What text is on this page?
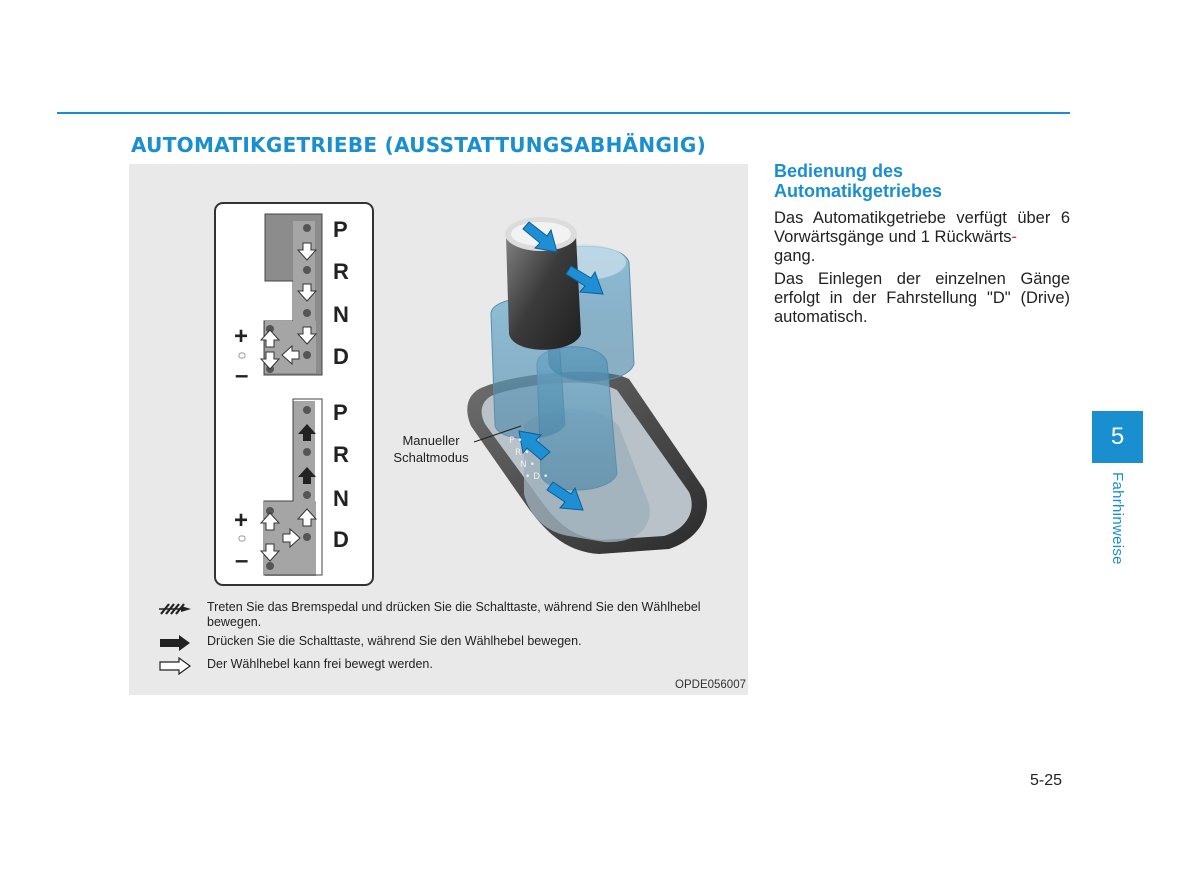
AUTOMATIKGETRIEBE (AUSSTATTUNGSABHÄNGIG)
P •
R •
N •
• D •
P
R
N
D
+
–
P
R
N
D
+
–
Manueller Schaltmodus
Treten Sie das Bremspedal und drücken Sie die Schalttaste, während Sie den Wählhebel bewegen.
Drücken Sie die Schalttaste, während Sie den Wählhebel bewegen.
Der Wählhebel kann frei bewegt werden.
OPDE056007
Bedienung des Automatikgetriebes

Das Automatikgetriebe verfügt über 6 Vorwärtsgänge und 1 Rückwärts-
gang.

Das Einlegen der einzelnen Gänge erfolgt in der Fahrstellung "D" (Drive) automatisch.

5
Fahrhinweise
5-25
